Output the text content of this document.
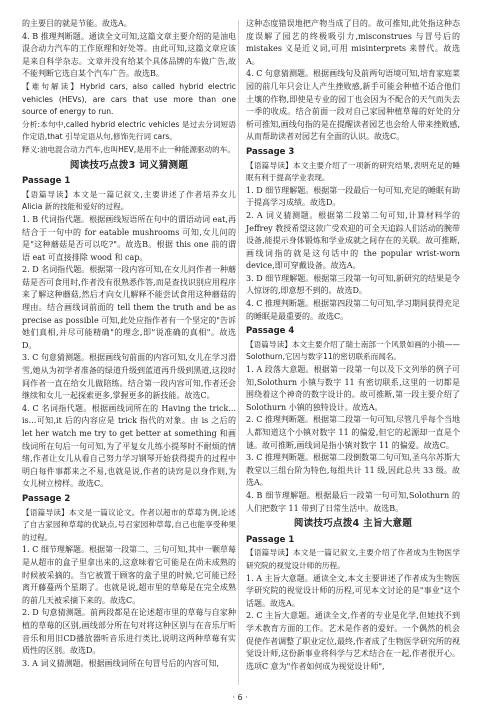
的主要目的就是节能。故选A。

4. B 推理判断题。通读全文可知,这篇文章主要介绍的是油电混合动力汽车的工作原理和好处等。由此可知,这篇文章应该是来自科学杂志。文章并没有给某个具体品牌的车做广告,故不能判断它选自某个汽车广告。故选B。

【难句解读】Hybrid cars, also called hybrid electric vehicles (HEVs), are cars that use more than one source of energy to run.

分析:本句中,called hybrid electric vehicles 是过去分词短语作定语,that 引导定语从句,修饰先行词 cars。

释义:油电混合动力汽车,也叫HEV,是用不止一种能源驱动的车。

阅读技巧点拨3 词义猜测题
Passage 1

【语篇导读】本文是一篇记叙文,主要讲述了作者培养女儿 Alicia 新的技能和爱好的过程。

1. B 代词指代题。根据画线短语所在句中的谓语动词 eat,再结合于一句中的 for eatable mushrooms 可知,女儿问的是"这种蘑菇是否可以吃?"。故选B。根据 this one 前的谓语 eat 可直接排除 wood 和 cap。

2. D 名词指代题。根据第一段内容可知,在女儿问作者一种蘑菇是否可食用时,作者没有很熟悉作答,而是查找识别应用程序来了解这种蘑菇,然后才向女儿解释不能尝试食用这种蘑菇的理由。结合画线词前面的 tell them the truth and be as precise as possible 可知,此处应指作者有一个坚定的"告诉她们真相,并尽可能精确"的理念,即"说准确的真相"。故选D。

3. C 句意猜测题。根据画线句前面的内容可知,女儿在学习滑雪,她从为初学者准备的绿道升级到蓝道再升级到黑道,这段时间作者一直在给女儿做陪练。结合第一段内容可知,作者还会继续和女儿一起探索更多,掌握更多的新技能。故选C。

4. C 名词指代题。根据画线词所在的 Having the trick... is...可知,it 后的内容应是 trick 指代的对象。由 is 之后的 let her watch me try to get better at something 和画线词所在句后一句可知,为了平复女儿练小提琴时不耐烦的情绪,作者让女儿从看自己努力学习钢琴开始获得提升的过程中明白每件事都来之不易,也就是说,作者的诀窍是以身作则,为女儿树立榜样。故选C。

Passage 2

【语篇导读】本文是一篇议论文。作者以超市的草莓为例,论述了自古家园种草莓的优缺点,号召家园种草莓,自己也能享受种果的过程。

1. C 细节理解题。根据第一段第二、三句可知,其中一颗草莓是从超市的盒子里拿出来的,这意味着它可能是在尚未成熟的时候被采摘的。当它被置于顾客的盒子里的时候,它可能已经离开藤蔓两个星期了。也就是说,超市里的草莓是在完全成熟的前几天被采摘下来的。故选C。

2. D 句意猜测题。前两段都是在论述超市里的草莓与自家种植的草莓的区别,画线部分所在句对将这种区别与在音乐厅听音乐和用旧CD播放器听音乐进行类比,说明这两种草莓有实质性的区别。故选D。

3. A 词义猜测题。根据画线词所在句冒号后的内容可知,

这种态度错误地把产物当成了目的。故可推知,此处指这种态度误解了园艺的终极吸引力,misconstrues 与冒号后的 mistakes 义是近义词,可用 misinterprets 来替代。故选A。

4. C 句意猜测题。根据画线句及前两句语境可知,培育家庭菜园的前几年只会让人产生挫败感,新手可能会种植不适合他们土壤的作物,即使是专业的园丁也会因为不配合的天气而失去一季的收成。结合前面一段对自己家园种植草莓的好处的分析可推知,画线句指的是在提醒读者园艺也会给人带来挫败感,从而帮助读者对园艺有全面的认识。故选C。

Passage 3

【语篇导读】本文主要介绍了一项新的研究结果,表明充足的睡眠有利于提高学业表现。

1. D 细节理解题。根据第一段最后一句可知,充足的睡眠有助于提高学习成绩。故选D。

2. A 词义猜测题。根据第二段第二句可知,计算材料学的 Jeffrey 教授希望这款广受欢迎的可全天追踪人们活动的腕带设备,能提示身体锻炼和学业成就之间存在的关联。故可推断,画线词指的就是这句话中的 the popular wrist-worn device,即可穿戴设备。故选A。

3. D 细节理解题。根据第三段第一句可知,新研究的结果是令人惊讶的,即意想不到的。故选D。

4. C 推理判断题。根据第四段第二句可知,学习期间获得充足的睡眠是最重要的。故选C。

Passage 4

【语篇导读】本文主要介绍了瑞士南部一个风景如画的小镇——Solothurn,它因与数字11的密切联系而闻名。

1. A 段落大意题。根据第一段第一句以及下文列举的例子可知,Solothurn 小镇与数字 11 有密切联系,这里的一切都是围绕着这个神奇的数字设计的。故可推断,第一段主要介绍了 Solothurn 小镇的独特设计。故选A。

2. C 推理判断题。根据第二段第一句可知,尽管几乎每个当地人都知道这个小镇对数字 11 的偏爱,但它的起源却一直是个谜。故可推断,画线词是指小镇对数字 11 的偏爱。故选C。

3. C 推理判断题。根据第二段倒数第二句可知,圣乌尔苏斯大教堂以三组台阶为特色,每组共计 11 级,因此总共 33 级。故选A。

4. B 细节理解题。根据最后一段第一句可知,Solothurn 的人们把数字 11 带到了日常生活中。故选B。

阅读技巧点拨4 主旨大意题
Passage 1

【语篇导读】本文是一篇记叙文,主要介绍了作者成为生物医学研究院的视觉设计师的历程。

1. A 主旨大意题。通读全文,本文主要讲述了作者成为生物医学研究院的视觉设计师的历程,可见本文讨论的是"事业"这个话题。故选A。

2. C 主旨大意题。通读全文,作者的专业是化学,但她找不到学术教育方面的工作。艺术是作者的爱好。一个偶然的机会促使作者调整了职业定位,最终,作者成了生物医学研究所的视觉设计师,这份新事业将科学与艺术结合在一起,作者很开心。选项C 意为"作者如何成为视觉设计师",

· 6 ·
